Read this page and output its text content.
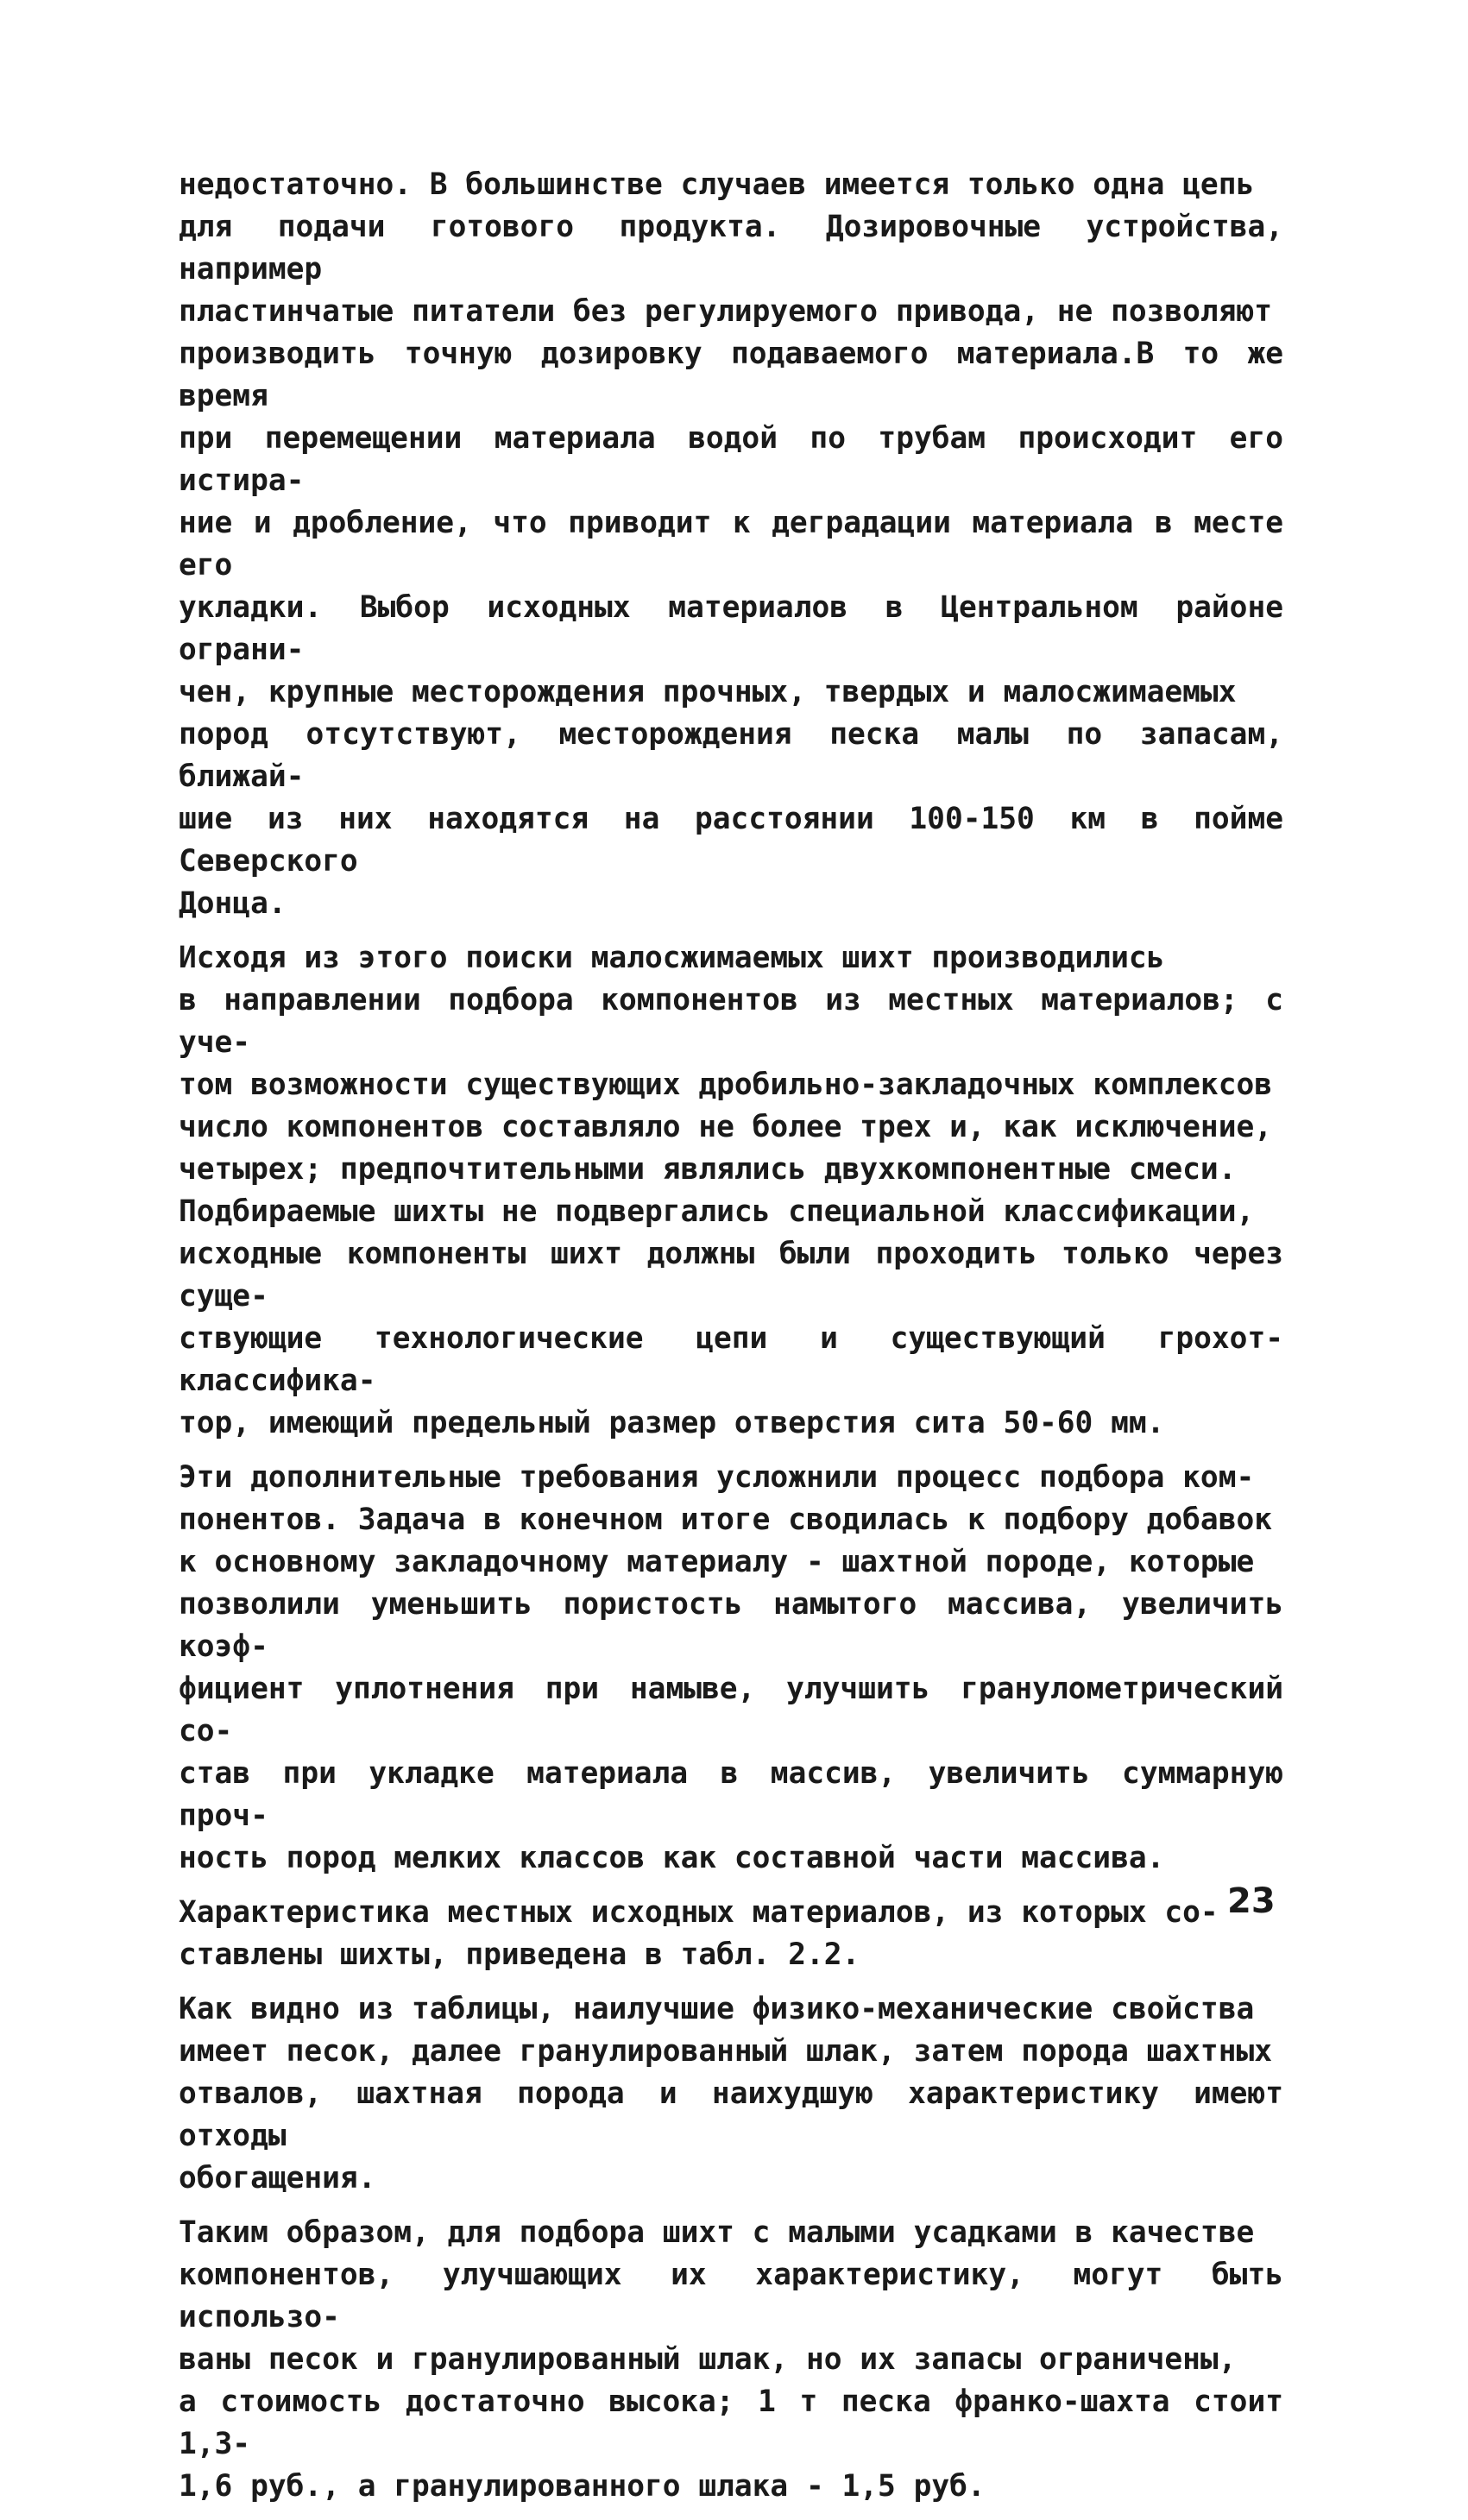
недостаточно. В большинстве случаев имеется только одна цепь
для подачи готового продукта. Дозировочные устройства, например
пластинчатые питатели без регулируемого привода, не позволяют
производить точную дозировку подаваемого материала.В то же время
при перемещении материала водой по трубам происходит его истира-
ние и дробление, что приводит к деградации материала в месте его
укладки. Выбор исходных материалов в Центральном районе ограни-
чен, крупные месторождения прочных, твердых и малосжимаемых
пород отсутствуют, месторождения песка малы по запасам, ближай-
шие из них находятся на расстоянии 100-150 км в пойме Северского
Донца.

Исходя из этого поиски малосжимаемых шихт производились
в направлении подбора компонентов из местных материалов; с уче-
том возможности существующих дробильно-закладочных комплексов
число компонентов составляло не более трех и, как исключение,
четырех; предпочтительными являлись двухкомпонентные смеси.
Подбираемые шихты не подвергались специальной классификации,
исходные компоненты шихт должны были проходить только через суще-
ствующие технологические цепи и существующий грохот-классифика-
тор, имеющий предельный размер отверстия сита 50-60 мм.

Эти дополнительные требования усложнили процесс подбора ком-
понентов. Задача в конечном итоге сводилась к подбору добавок
к основному закладочному материалу - шахтной породе, которые
позволили уменьшить пористость намытого массива, увеличить коэф-
фициент уплотнения при намыве, улучшить гранулометрический со-
став при укладке материала в массив, увеличить суммарную проч-
ность пород мелких классов как составной части массива.

Характеристика местных исходных материалов, из которых со-
ставлены шихты, приведена в табл. 2.2.

Как видно из таблицы, наилучшие физико-механические свойства
имеет песок, далее гранулированный шлак, затем порода шахтных
отвалов, шахтная порода и наихудшую характеристику имеют отходы
обогащения.

Таким образом, для подбора шихт с малыми усадками в качестве
компонентов, улучшающих их характеристику, могут быть использо-
ваны песок и гранулированный шлак, но их запасы ограничены,
а стоимость достаточно высока; 1 т песка франко-шахта стоит 1,3-
1,6 руб., а гранулированного шлака - 1,5 руб.

23
